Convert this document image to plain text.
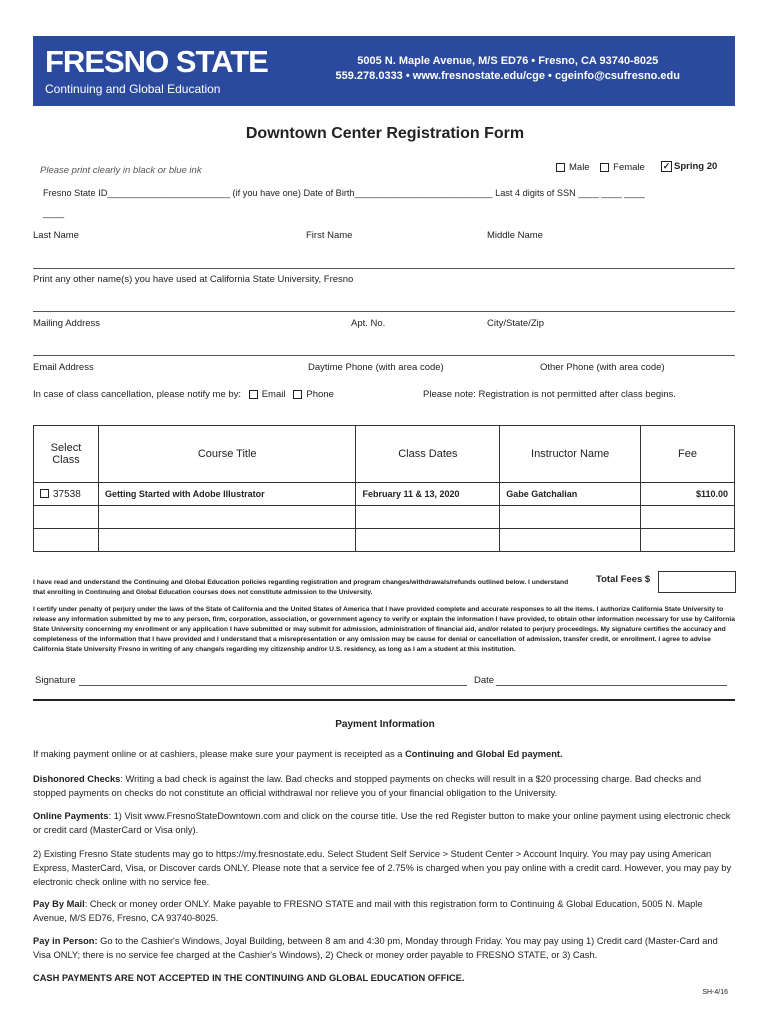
FRESNO STATE
Continuing and Global Education
5005 N. Maple Avenue, M/S ED76 • Fresno, CA 93740-8025
559.278.0333 • www.fresnostate.edu/cge • cgeinfo@csufresno.edu
Downtown Center Registration Form
Please print clearly in black or blue ink	Male Female ✓ Spring 20
Fresno State ID________________________ (if you have one) Date of Birth___________________________ Last 4 digits of SSN ____ ____ ____
____
Last Name	First Name	Middle Name
Print any other name(s) you have used at California State University, Fresno
Mailing Address	Apt. No.	City/State/Zip
Email Address	Daytime Phone (with area code)	Other Phone (with area code)
In case of class cancellation, please notify me by: Email Phone	Please note: Registration is not permitted after class begins.
Select
Class	Course Title	Class Dates	Instructor Name	Fee
37538	Getting Started with Adobe Illustrator	February 11 & 13, 2020	Gabe Gatchalian	$110.00

I have read and understand the Continuing and Global Education policies regarding registration and program changes/withdrawals/refunds outlined below. I understand that enrolling in Continuing and Global Education courses does not constitute admission to the University.
Total Fees $
I certify under penalty of perjury under the laws of the State of California and the United States of America that I have provided complete and accurate responses to all the items. I authorize California State University to release any information submitted by me to any person, firm, corporation, association, or government agency to verify or explain the information I have provided, to obtain other information necessary for use by California State University concerning my enrollment or any application I have submitted or may submit for admission, administration of financial aid, and/or related to perjury proceedings. My signature certifies the accuracy and completeness of the information that I have provided and I understand that a misrepresentation or any omission may be cause for denial or cancellation of admission, transfer credit, or enrollment. I agree to advise California State University Fresno in writing of any change/s regarding my citizenship and/or U.S. residency, as long as I am a student at this institution.
Signature	Date
Payment Information
If making payment online or at cashiers, please make sure your payment is receipted as a Continuing and Global Ed payment.
Dishonored Checks: Writing a bad check is against the law. Bad checks and stopped payments on checks will result in a $20 processing charge. Bad checks and stopped payments on checks do not constitute an official withdrawal nor relieve you of your financial obligation to the University.
Online Payments: 1) Visit www.FresnoStateDowntown.com and click on the course title. Use the red Register button to make your online payment using electronic check or credit card (MasterCard or Visa only).
2) Existing Fresno State students may go to https://my.fresnostate.edu. Select Student Self Service > Student Center > Account Inquiry. You may pay using American Express, MasterCard, Visa, or Discover cards ONLY. Please note that a service fee of 2.75% is charged when you pay online with a credit card. However, you may pay by electronic check online with no service fee.
Pay By Mail: Check or money order ONLY. Make payable to FRESNO STATE and mail with this registration form to Continuing & Global Education, 5005 N. Maple Avenue, M/S ED76, Fresno, CA 93740-8025.
Pay in Person: Go to the Cashier's Windows, Joyal Building, between 8 am and 4:30 pm, Monday through Friday. You may pay using 1) Credit card (Master-Card and Visa ONLY; there is no service fee charged at the Cashier's Windows), 2) Check or money order payable to FRESNO STATE, or 3) Cash.
CASH PAYMENTS ARE NOT ACCEPTED IN THE CONTINUING AND GLOBAL EDUCATION OFFICE.
SH-4/16
